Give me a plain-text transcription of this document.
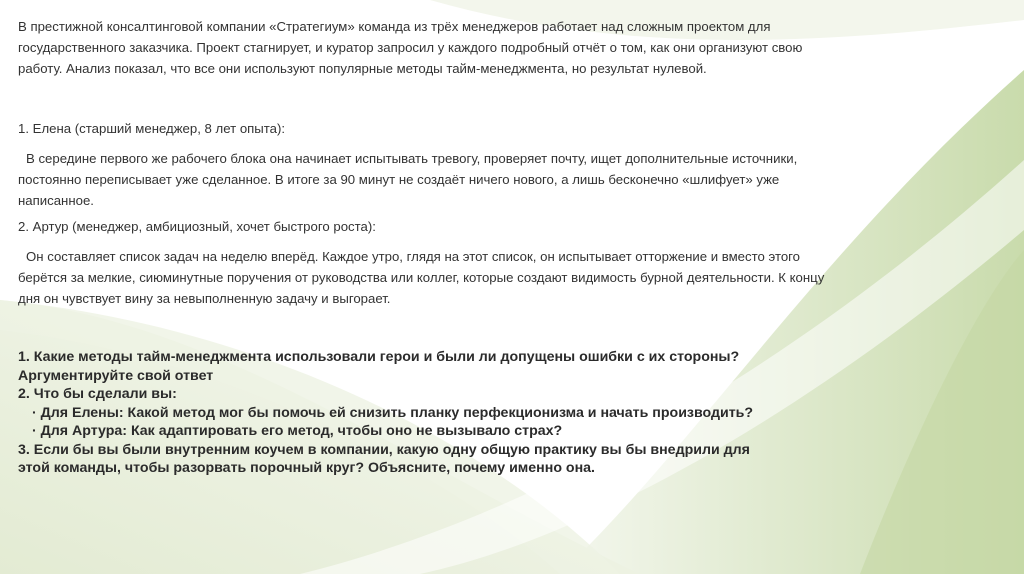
В престижной консалтинговой компании «Стратегиум» команда из трёх менеджеров работает над сложным проектом для государственного заказчика. Проект стагнирует, и куратор запросил у каждого подробный отчёт о том, как они организуют свою работу. Анализ показал, что все они используют популярные методы тайм-менеджмента, но результат нулевой.

1. Елена (старший менеджер, 8 лет опыта):

В середине первого же рабочего блока она начинает испытывать тревогу, проверяет почту, ищет дополнительные источники, постоянно переписывает уже сделанное. В итоге за 90 минут не создаёт ничего нового, а лишь бесконечно «шлифует» уже написанное.

2. Артур (менеджер, амбициозный, хочет быстрого роста):

Он составляет список задач на неделю вперёд. Каждое утро, глядя на этот список, он испытывает отторжение и вместо этого берётся за мелкие, сиюминутные поручения от руководства или коллег, которые создают видимость бурной деятельности. К концу дня он чувствует вину за невыполненную задачу и выгорает.

1. Какие методы тайм-менеджмента использовали герои и были ли допущены ошибки с их стороны?
Аргументируйте свой ответ
2. Что бы сделали вы:
· Для Елены: Какой метод мог бы помочь ей снизить планку перфекционизма и начать производить?
· Для Артура: Как адаптировать его метод, чтобы оно не вызывало страх?
3. Если бы вы были внутренним коучем в компании, какую одну общую практику вы бы внедрили для
этой команды, чтобы разорвать порочный круг? Объясните, почему именно она.
